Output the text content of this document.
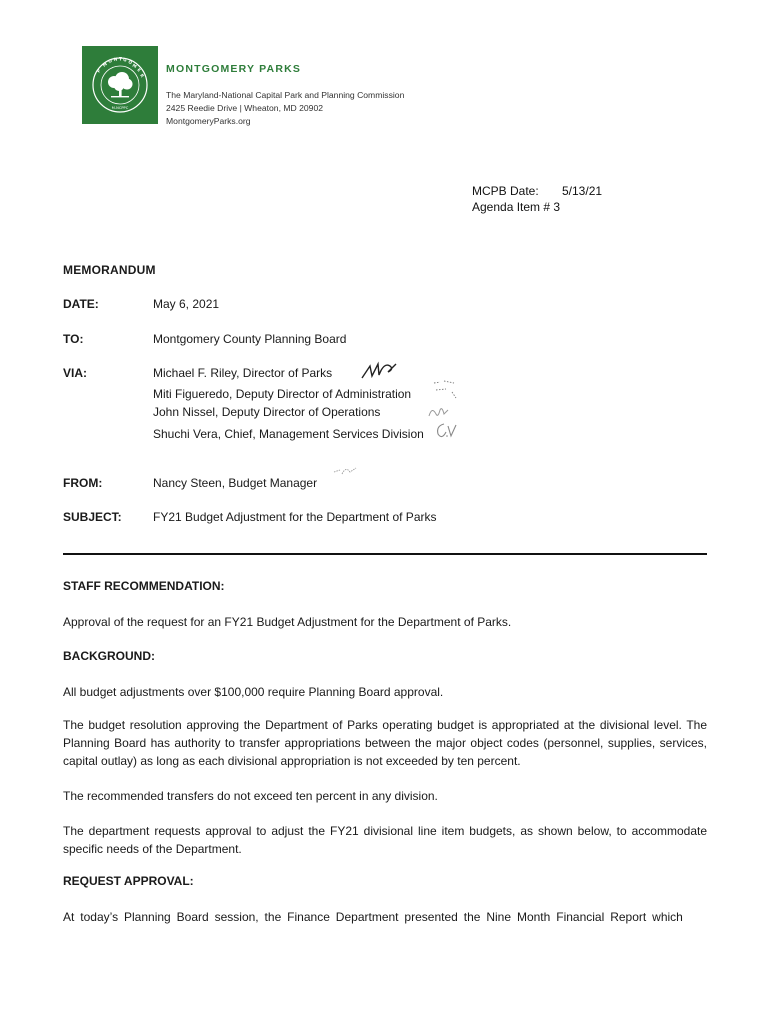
M
O N T G O
M
P	E
R
M-NCPPC
MONTGOMERY PARKS
The Maryland-National Capital Park and Planning Commission
2425 Reedie Drive | Wheaton, MD 20902
MontgomeryParks.org
MCPB Date: 5/13/21
Agenda Item # 3
MEMORANDUM
DATE:	May 6, 2021
TO:	Montgomery County Planning Board
VIA:	Michael F. Riley, Director of Parks
Miti Figueredo, Deputy Director of Administration
John Nissel, Deputy Director of Operations
Shuchi Vera, Chief, Management Services Division
FROM:	Nancy Steen, Budget Manager
SUBJECT:	FY21 Budget Adjustment for the Department of Parks
STAFF RECOMMENDATION:
Approval of the request for an FY21 Budget Adjustment for the Department of Parks.
BACKGROUND:
All budget adjustments over $100,000 require Planning Board approval.
The budget resolution approving the Department of Parks operating budget is appropriated at the divisional level. The Planning Board has authority to transfer appropriations between the major object codes (personnel, supplies, services, capital outlay) as long as each divisional appropriation is not exceeded by ten percent.
The recommended transfers do not exceed ten percent in any division.
The department requests approval to adjust the FY21 divisional line item budgets, as shown below, to accommodate specific needs of the Department.
REQUEST APPROVAL:
At today’s Planning Board session, the Finance Department presented the Nine Month Financial Report which
